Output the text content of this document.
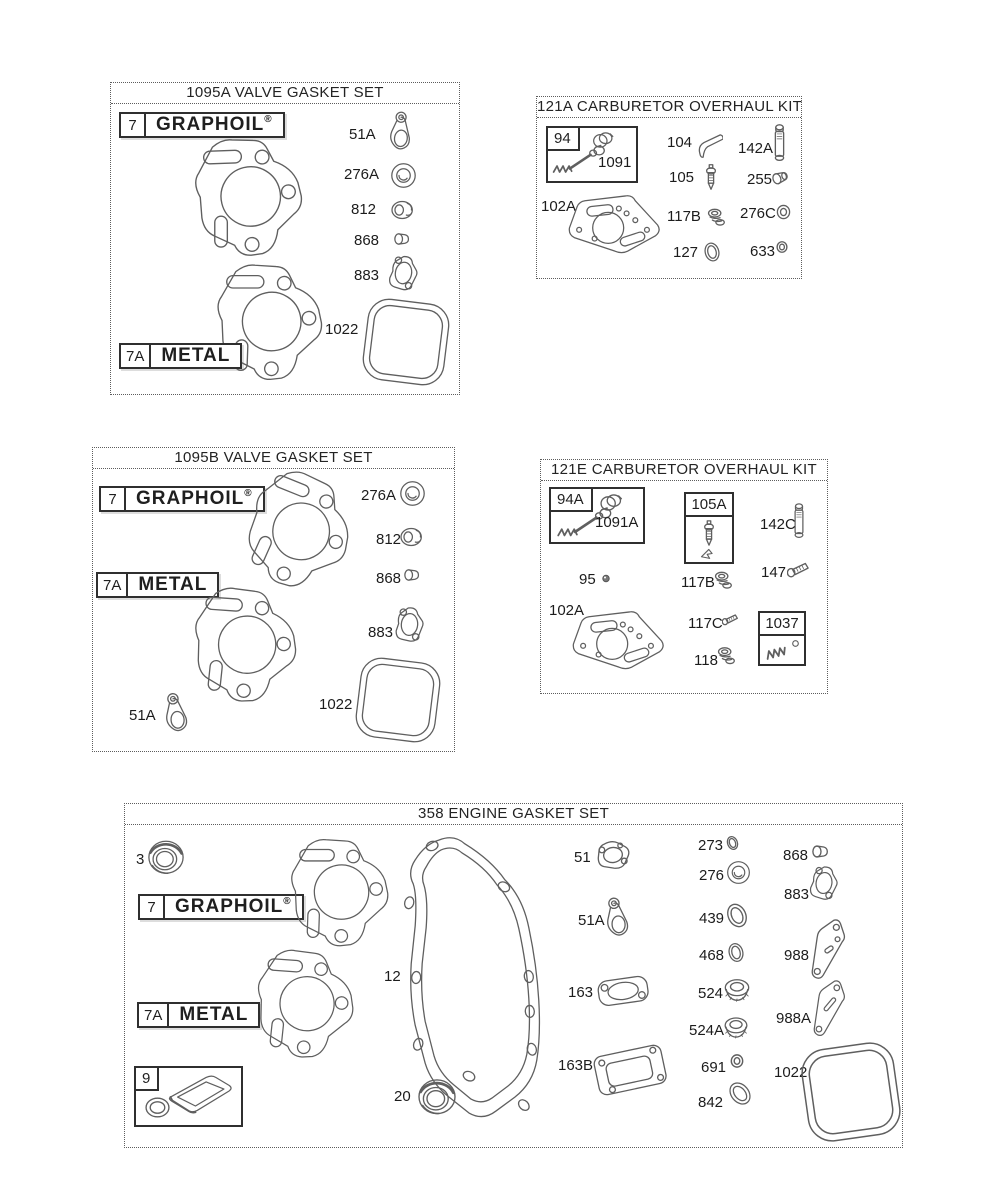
1095A VALVE GASKET SET
7	GRAPHOIL ®
51A
276A
812
868
883
1022
7A METAL
121A CARBURETOR OVERHAUL KIT
94
1091
102A
104
105
117B
127
142A
255
276C
633
1095B VALVE GASKET SET
7	GRAPHOIL ®	276A
812
7A METAL	868
883
1022
51A
121E CARBURETOR OVERHAUL KIT
94A
1091A
105A
142C
95	117B
147
102A
117C	1037
118
358 ENGINE GASKET SET
3
7	GRAPHOIL ®
7A METAL
9
12
20
51
51A
163
163B
273
276
439
468
524
524A
691
842
868
883
988
988A
1022
